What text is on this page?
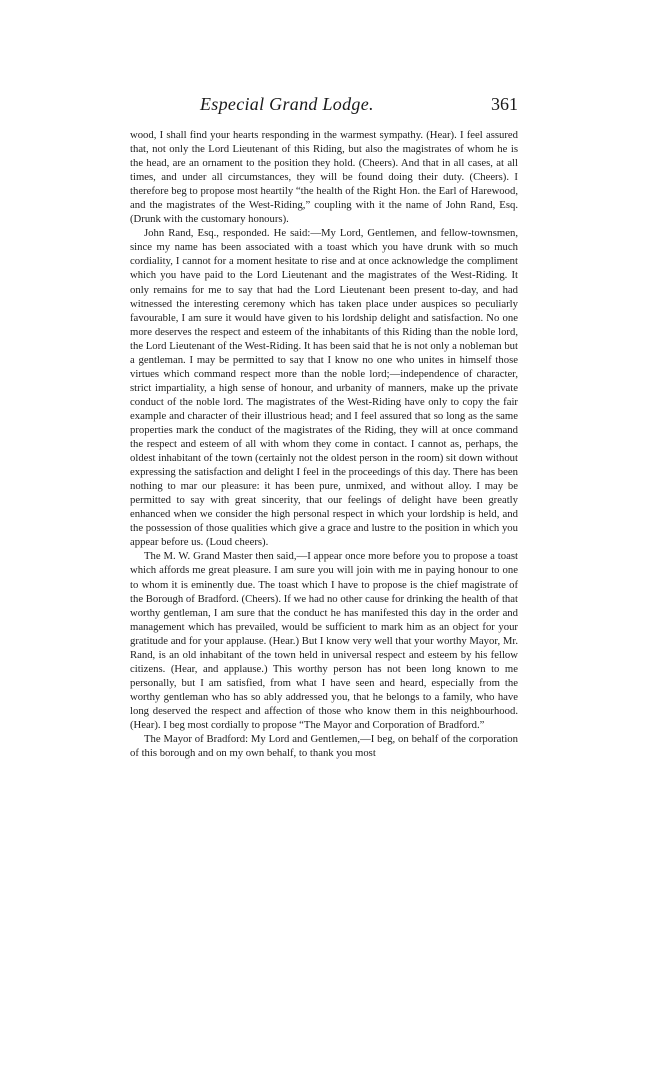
Especial Grand Lodge.	361

wood, I shall find your hearts responding in the warmest sympathy. (Hear). I feel assured that, not only the Lord Lieutenant of this Riding, but also the magistrates of whom he is the head, are an ornament to the position they hold. (Cheers). And that in all cases, at all times, and under all circumstances, they will be found doing their duty. (Cheers). I therefore beg to propose most heartily “the health of the Right Hon. the Earl of Harewood, and the magistrates of the West-Riding,” coupling with it the name of John Rand, Esq. (Drunk with the customary honours).

John Rand, Esq., responded. He said:—My Lord, Gentlemen, and fellow-townsmen, since my name has been associated with a toast which you have drunk with so much cordiality, I cannot for a moment hesitate to rise and at once acknowledge the compliment which you have paid to the Lord Lieutenant and the magistrates of the West-Riding. It only remains for me to say that had the Lord Lieutenant been present to-day, and had witnessed the interesting ceremony which has taken place under auspices so peculiarly favourable, I am sure it would have given to his lordship delight and satisfaction. No one more deserves the respect and esteem of the inhabitants of this Riding than the noble lord, the Lord Lieutenant of the West-Riding. It has been said that he is not only a nobleman but a gentleman. I may be permitted to say that I know no one who unites in himself those virtues which command respect more than the noble lord;—independence of character, strict impartiality, a high sense of honour, and urbanity of manners, make up the private conduct of the noble lord. The magistrates of the West-Riding have only to copy the fair example and character of their illustrious head; and I feel assured that so long as the same properties mark the conduct of the magistrates of the Riding, they will at once command the respect and esteem of all with whom they come in contact. I cannot as, perhaps, the oldest inhabitant of the town (certainly not the oldest person in the room) sit down without expressing the satisfaction and delight I feel in the proceedings of this day. There has been nothing to mar our pleasure: it has been pure, unmixed, and without alloy. I may be permitted to say with great sincerity, that our feelings of delight have been greatly enhanced when we consider the high personal respect in which your lordship is held, and the possession of those qualities which give a grace and lustre to the position in which you appear before us. (Loud cheers).

The M. W. Grand Master then said,—I appear once more before you to propose a toast which affords me great pleasure. I am sure you will join with me in paying honour to one to whom it is eminently due. The toast which I have to propose is the chief magistrate of the Borough of Bradford. (Cheers). If we had no other cause for drinking the health of that worthy gentleman, I am sure that the conduct he has manifested this day in the order and management which has prevailed, would be sufficient to mark him as an object for your gratitude and for your applause. (Hear.) But I know very well that your worthy Mayor, Mr. Rand, is an old inhabitant of the town held in universal respect and esteem by his fellow citizens. (Hear, and applause.) This worthy person has not been long known to me personally, but I am satisfied, from what I have seen and heard, especially from the worthy gentleman who has so ably addressed you, that he belongs to a family, who have long deserved the respect and affection of those who know them in this neighbourhood. (Hear). I beg most cordially to propose “The Mayor and Corporation of Bradford.”

The Mayor of Bradford: My Lord and Gentlemen,—I beg, on behalf of the corporation of this borough and on my own behalf, to thank you most
